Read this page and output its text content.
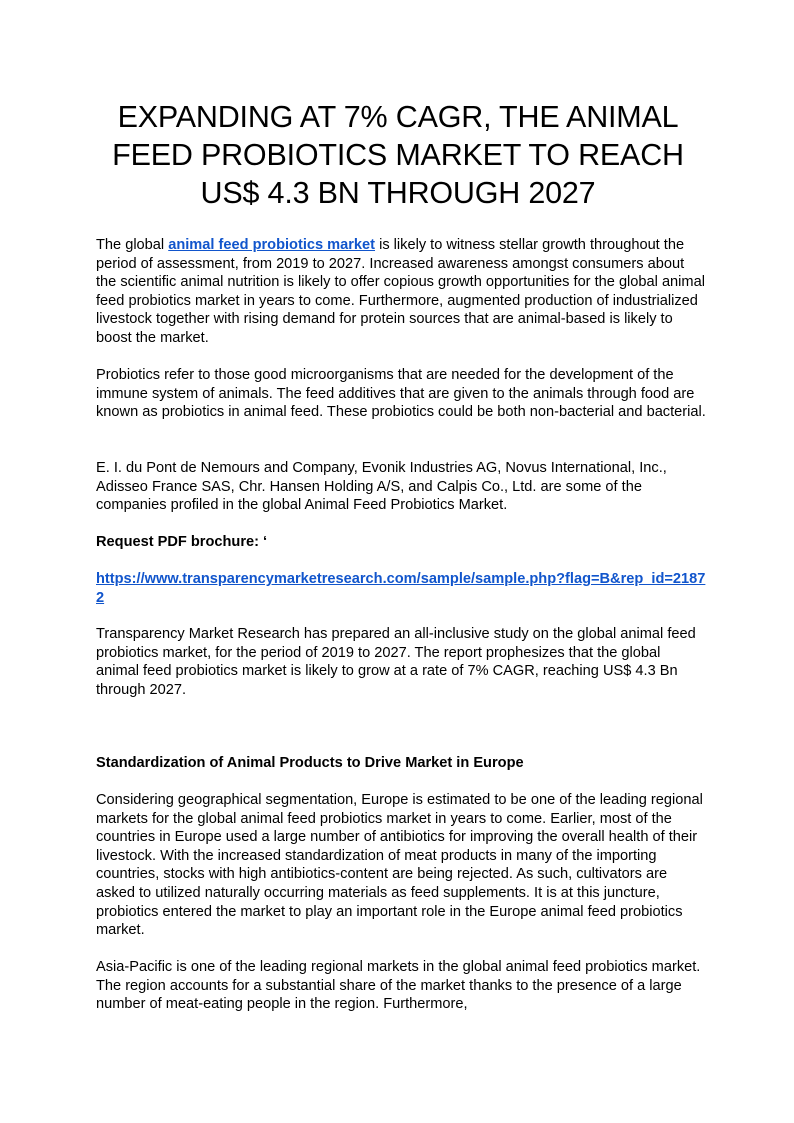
EXPANDING AT 7% CAGR, THE ANIMAL FEED PROBIOTICS MARKET TO REACH US$ 4.3 BN THROUGH 2027

The global animal feed probiotics market is likely to witness stellar growth throughout the period of assessment, from 2019 to 2027. Increased awareness amongst consumers about the scientific animal nutrition is likely to offer copious growth opportunities for the global animal feed probiotics market in years to come. Furthermore, augmented production of industrialized livestock together with rising demand for protein sources that are animal-based is likely to boost the market.

Probiotics refer to those good microorganisms that are needed for the development of the immune system of animals. The feed additives that are given to the animals through food are known as probiotics in animal feed. These probiotics could be both non-bacterial and bacterial.

E. I. du Pont de Nemours and Company, Evonik Industries AG, Novus International, Inc., Adisseo France SAS, Chr. Hansen Holding A/S, and Calpis Co., Ltd. are some of the companies profiled in the global Animal Feed Probiotics Market.

Request PDF brochure: ‘

https://www.transparencymarketresearch.com/sample/sample.php?flag=B&rep_id=21872

Transparency Market Research has prepared an all-inclusive study on the global animal feed probiotics market, for the period of 2019 to 2027. The report prophesizes that the global animal feed probiotics market is likely to grow at a rate of 7% CAGR, reaching US$ 4.3 Bn through 2027.

Standardization of Animal Products to Drive Market in Europe

Considering geographical segmentation, Europe is estimated to be one of the leading regional markets for the global animal feed probiotics market in years to come. Earlier, most of the countries in Europe used a large number of antibiotics for improving the overall health of their livestock. With the increased standardization of meat products in many of the importing countries, stocks with high antibiotics-content are being rejected. As such, cultivators are asked to utilized naturally occurring materials as feed supplements. It is at this juncture, probiotics entered the market to play an important role in the Europe animal feed probiotics market.

Asia-Pacific is one of the leading regional markets in the global animal feed probiotics market. The region accounts for a substantial share of the market thanks to the presence of a large number of meat-eating people in the region. Furthermore,
